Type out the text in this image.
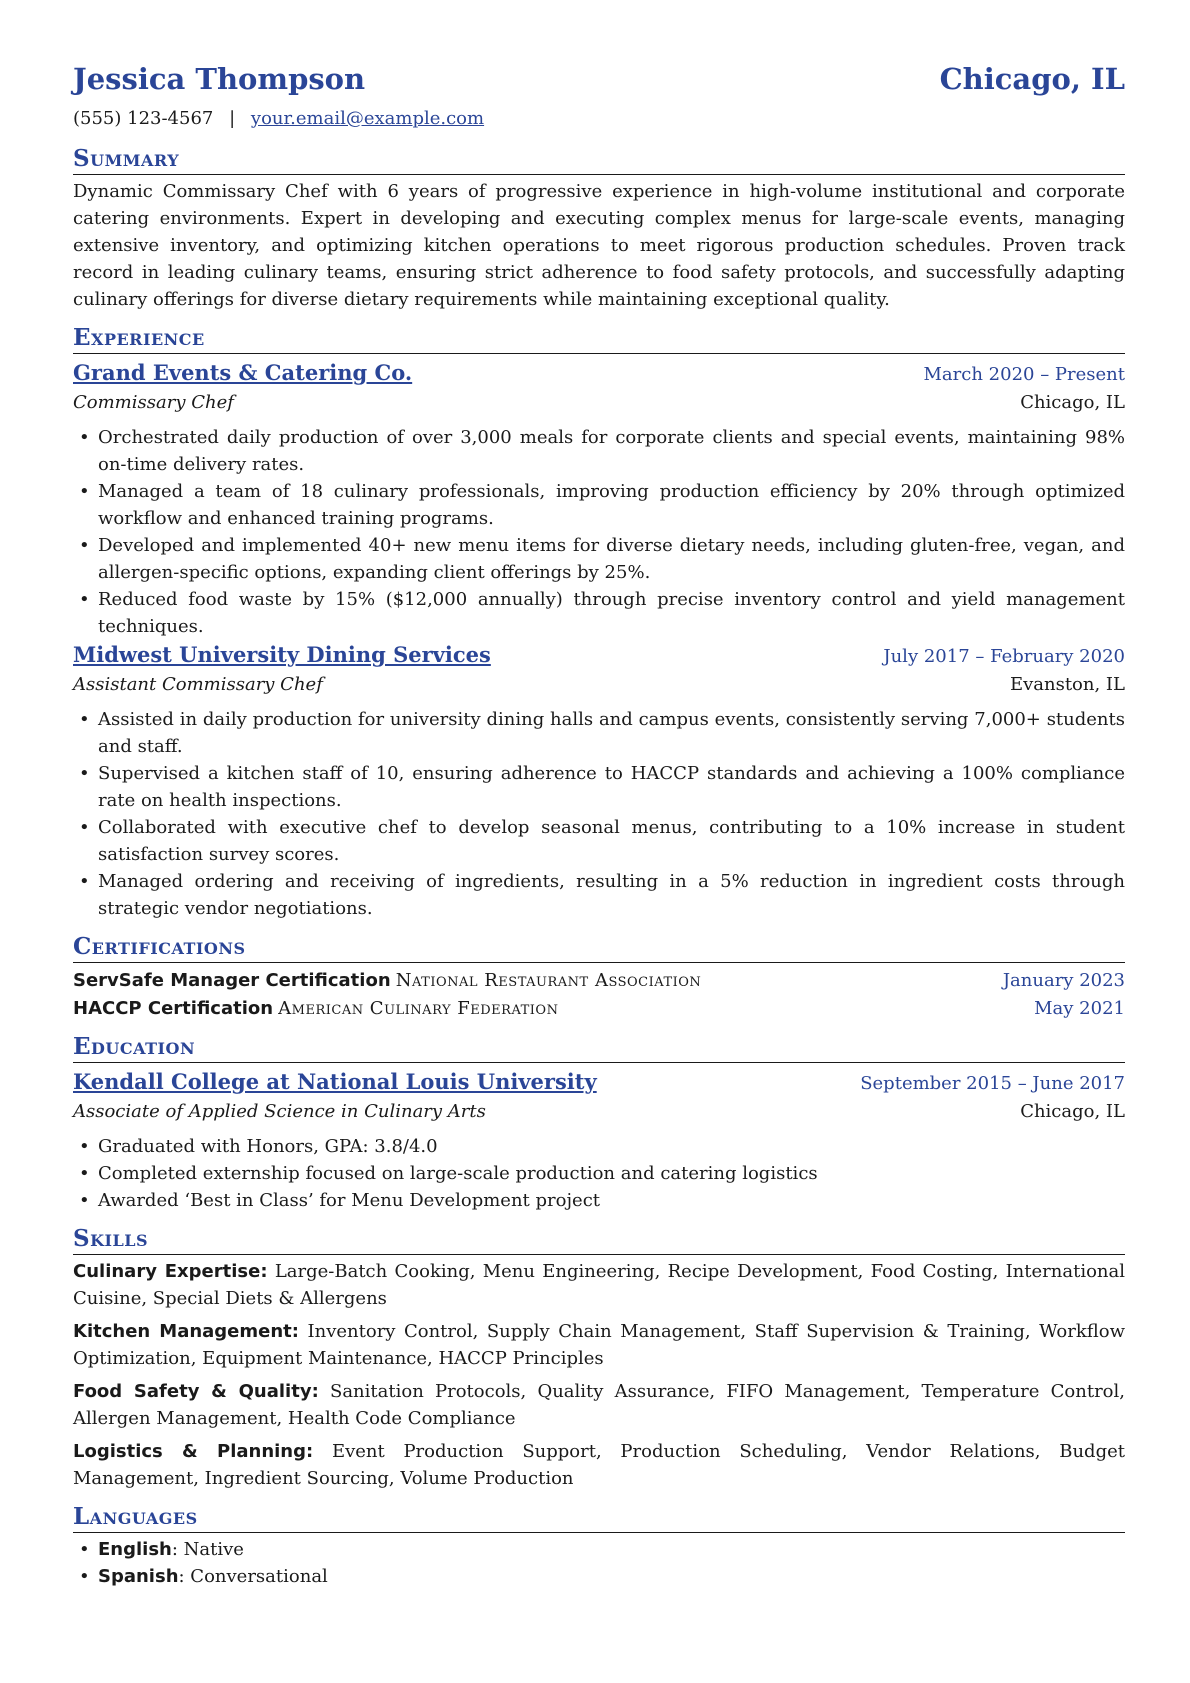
Jessica Thompson	Chicago, IL
(555) 123-4567 | your.email@example.com
Summary
Dynamic Commissary Chef with 6 years of progressive experience in high-volume institutional and corporate catering environments. Expert in developing and executing complex menus for large-scale events, managing extensive inventory, and optimizing kitchen operations to meet rigorous production schedules. Proven track record in leading culinary teams, ensuring strict adherence to food safety protocols, and successfully adapting culinary offerings for diverse dietary requirements while maintaining exceptional quality.
Experience
Grand Events & Catering Co.	March 2020 – Present
Commissary Chef	Chicago, IL
• Orchestrated daily production of over 3,000 meals for corporate clients and special events, maintaining 98% on-time delivery rates.
• Managed a team of 18 culinary professionals, improving production efficiency by 20% through optimized workflow and enhanced training programs.
• Developed and implemented 40+ new menu items for diverse dietary needs, including gluten-free, vegan, and allergen-specific options, expanding client offerings by 25%.
• Reduced food waste by 15% ($12,000 annually) through precise inventory control and yield management techniques.
Midwest University Dining Services	July 2017 – February 2020
Assistant Commissary Chef	Evanston, IL
• Assisted in daily production for university dining halls and campus events, consistently serving 7,000+ students and staff.
• Supervised a kitchen staff of 10, ensuring adherence to HACCP standards and achieving a 100% compliance rate on health inspections.
• Collaborated with executive chef to develop seasonal menus, contributing to a 10% increase in student satisfaction survey scores.
• Managed ordering and receiving of ingredients, resulting in a 5% reduction in ingredient costs through strategic vendor negotiations.
Certifications
ServSafe Manager Certification National Restaurant Association	January 2023
HACCP Certification American Culinary Federation	May 2021
Education
Kendall College at National Louis University	September 2015 – June 2017
Associate of Applied Science in Culinary Arts	Chicago, IL
• Graduated with Honors, GPA: 3.8/4.0
• Completed externship focused on large-scale production and catering logistics
• Awarded ‘Best in Class’ for Menu Development project
Skills
Culinary Expertise: Large-Batch Cooking, Menu Engineering, Recipe Development, Food Costing, International Cuisine, Special Diets & Allergens
Kitchen Management: Inventory Control, Supply Chain Management, Staff Supervision & Training, Workflow Optimization, Equipment Maintenance, HACCP Principles
Food Safety & Quality: Sanitation Protocols, Quality Assurance, FIFO Management, Temperature Control, Allergen Management, Health Code Compliance
Logistics & Planning: Event Production Support, Production Scheduling, Vendor Relations, Budget Management, Ingredient Sourcing, Volume Production
Languages
• English: Native
• Spanish: Conversational
